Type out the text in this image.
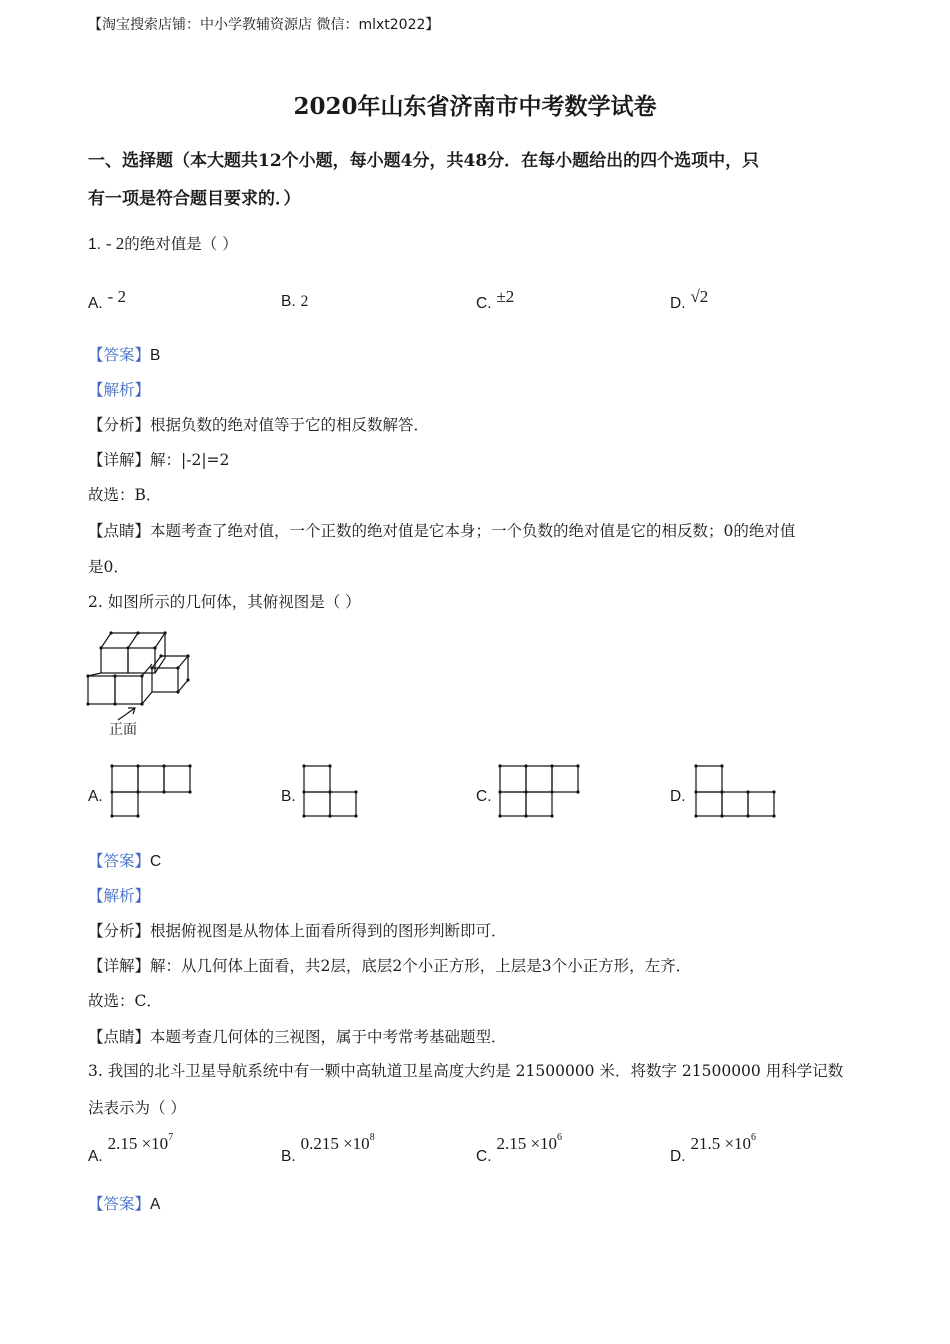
【淘宝搜索店铺：中小学教辅资源店 微信：mlxt2022】
2020年山东省济南市中考数学试卷
一、选择题（本大题共12个小题，每小题4分，共48分．在每小题给出的四个选项中，只
有一项是符合题目要求的．）
1. - 2的绝对值是（ ）
A. - 2	B. 2	C. ±2	D. √2
【答案】B
【解析】
【分析】根据负数的绝对值等于它的相反数解答．
【详解】解：|-2|=2
故选：B．
【点睛】本题考查了绝对值，一个正数的绝对值是它本身；一个负数的绝对值是它的相反数；0的绝对值
是0．
2. 如图所示的几何体，其俯视图是（ ）
正面
A.	B.	C.	D.
【答案】C
【解析】
【分析】根据俯视图是从物体上面看所得到的图形判断即可．
【详解】解：从几何体上面看，共2层，底层2个小正方形，上层是3个小正方形，左齐．
故选：C．
【点睛】本题考查几何体的三视图，属于中考常考基础题型．
3. 我国的北斗卫星导航系统中有一颗中高轨道卫星高度大约是 21500000 米．将数字 21500000 用科学记数
法表示为（ ）
A. $2.15 \times 10^7$
B. $0.215 \times 10^8$
C. $2.15 \times 10^6$
D. $21.5 \times 10^6$
【答案】A
